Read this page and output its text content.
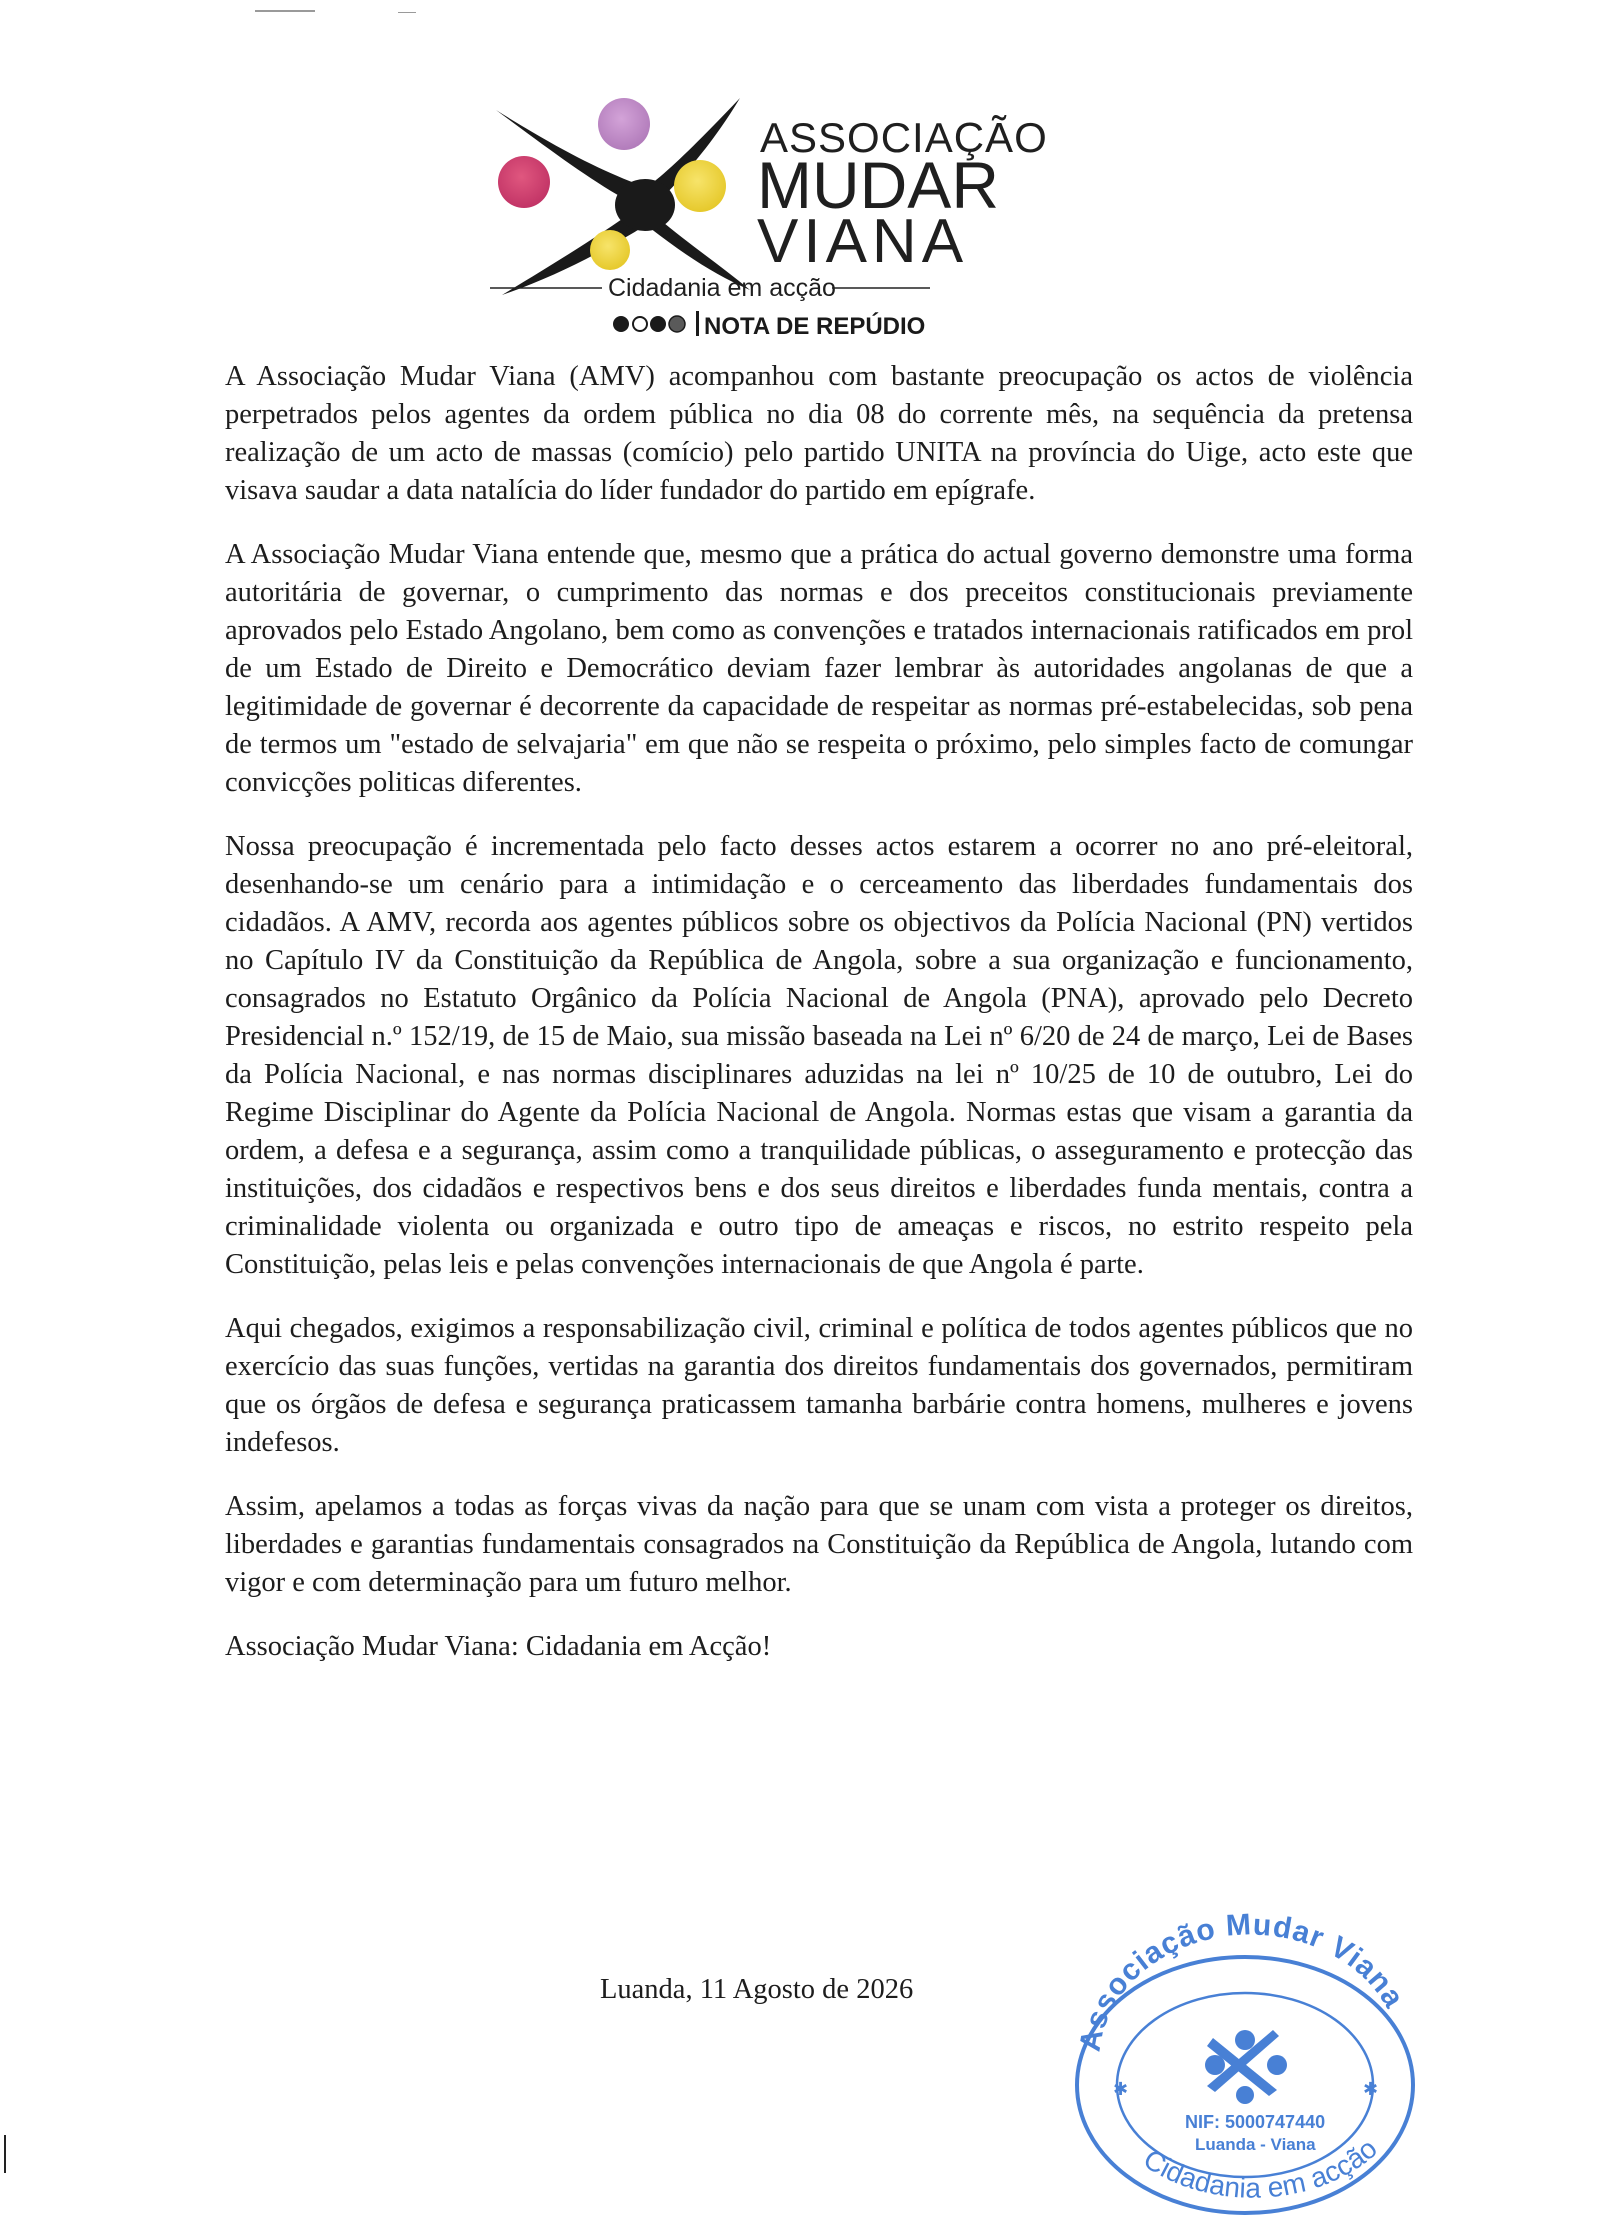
ASSOCIAÇÃO
MUDAR
VIANA
Cidadania em acção
NOTA DE REPÚDIO

A Associação Mudar Viana (AMV) acompanhou com bastante preocupação os actos de violência perpetrados pelos agentes da ordem pública no dia 08 do corrente mês, na sequência da pretensa realização de um acto de massas (comício) pelo partido UNITA na província do Uige, acto este que visava saudar a data natalícia do líder fundador do partido em epígrafe.

A Associação Mudar Viana entende que, mesmo que a prática do actual governo demonstre uma forma autoritária de governar, o cumprimento das normas e dos preceitos constitucionais previamente aprovados pelo Estado Angolano, bem como as convenções e tratados internacionais ratificados em prol de um Estado de Direito e Democrático deviam fazer lembrar às autoridades angolanas de que a legitimidade de governar é decorrente da capacidade de respeitar as normas pré-estabelecidas, sob pena de termos um "estado de selvajaria" em que não se respeita o próximo, pelo simples facto de comungar convicções politicas diferentes.

Nossa preocupação é incrementada pelo facto desses actos estarem a ocorrer no ano pré-eleitoral, desenhando-se um cenário para a intimidação e o cerceamento das liberdades fundamentais dos cidadãos. A AMV, recorda aos agentes públicos sobre os objectivos da Polícia Nacional (PN) vertidos no Capítulo IV da Constituição da República de Angola, sobre a sua organização e funcionamento, consagrados no Estatuto Orgânico da Polícia Nacional de Angola (PNA), aprovado pelo Decreto Presidencial n.º 152/19, de 15 de Maio, sua missão baseada na Lei nº 6/20 de 24 de março, Lei de Bases da Polícia Nacional, e nas normas disciplinares aduzidas na lei nº 10/25 de 10 de outubro, Lei do Regime Disciplinar do Agente da Polícia Nacional de Angola. Normas estas que visam a garantia da ordem, a defesa e a segurança, assim como a tranquilidade públicas, o asseguramento e protecção das instituições, dos cidadãos e respectivos bens e dos seus direitos e liberdades funda mentais, contra a criminalidade violenta ou organizada e outro tipo de ameaças e riscos, no estrito respeito pela Constituição, pelas leis e pelas convenções internacionais de que Angola é parte.

Aqui chegados, exigimos a responsabilização civil, criminal e política de todos agentes públicos que no exercício das suas funções, vertidas na garantia dos direitos fundamentais dos governados, permitiram que os órgãos de defesa e segurança praticassem tamanha barbárie contra homens, mulheres e jovens indefesos.

Assim, apelamos a todas as forças vivas da nação para que se unam com vista a proteger os direitos, liberdades e garantias fundamentais consagrados na Constituição da República de Angola, lutando com vigor e com determinação para um futuro melhor.

Associação Mudar Viana: Cidadania em Acção!

Luanda, 11 Agosto de 2026
Associação Mudar Viana
✱	✱
NIF: 5000747440
Luanda - Viana
Cidadania em acção
